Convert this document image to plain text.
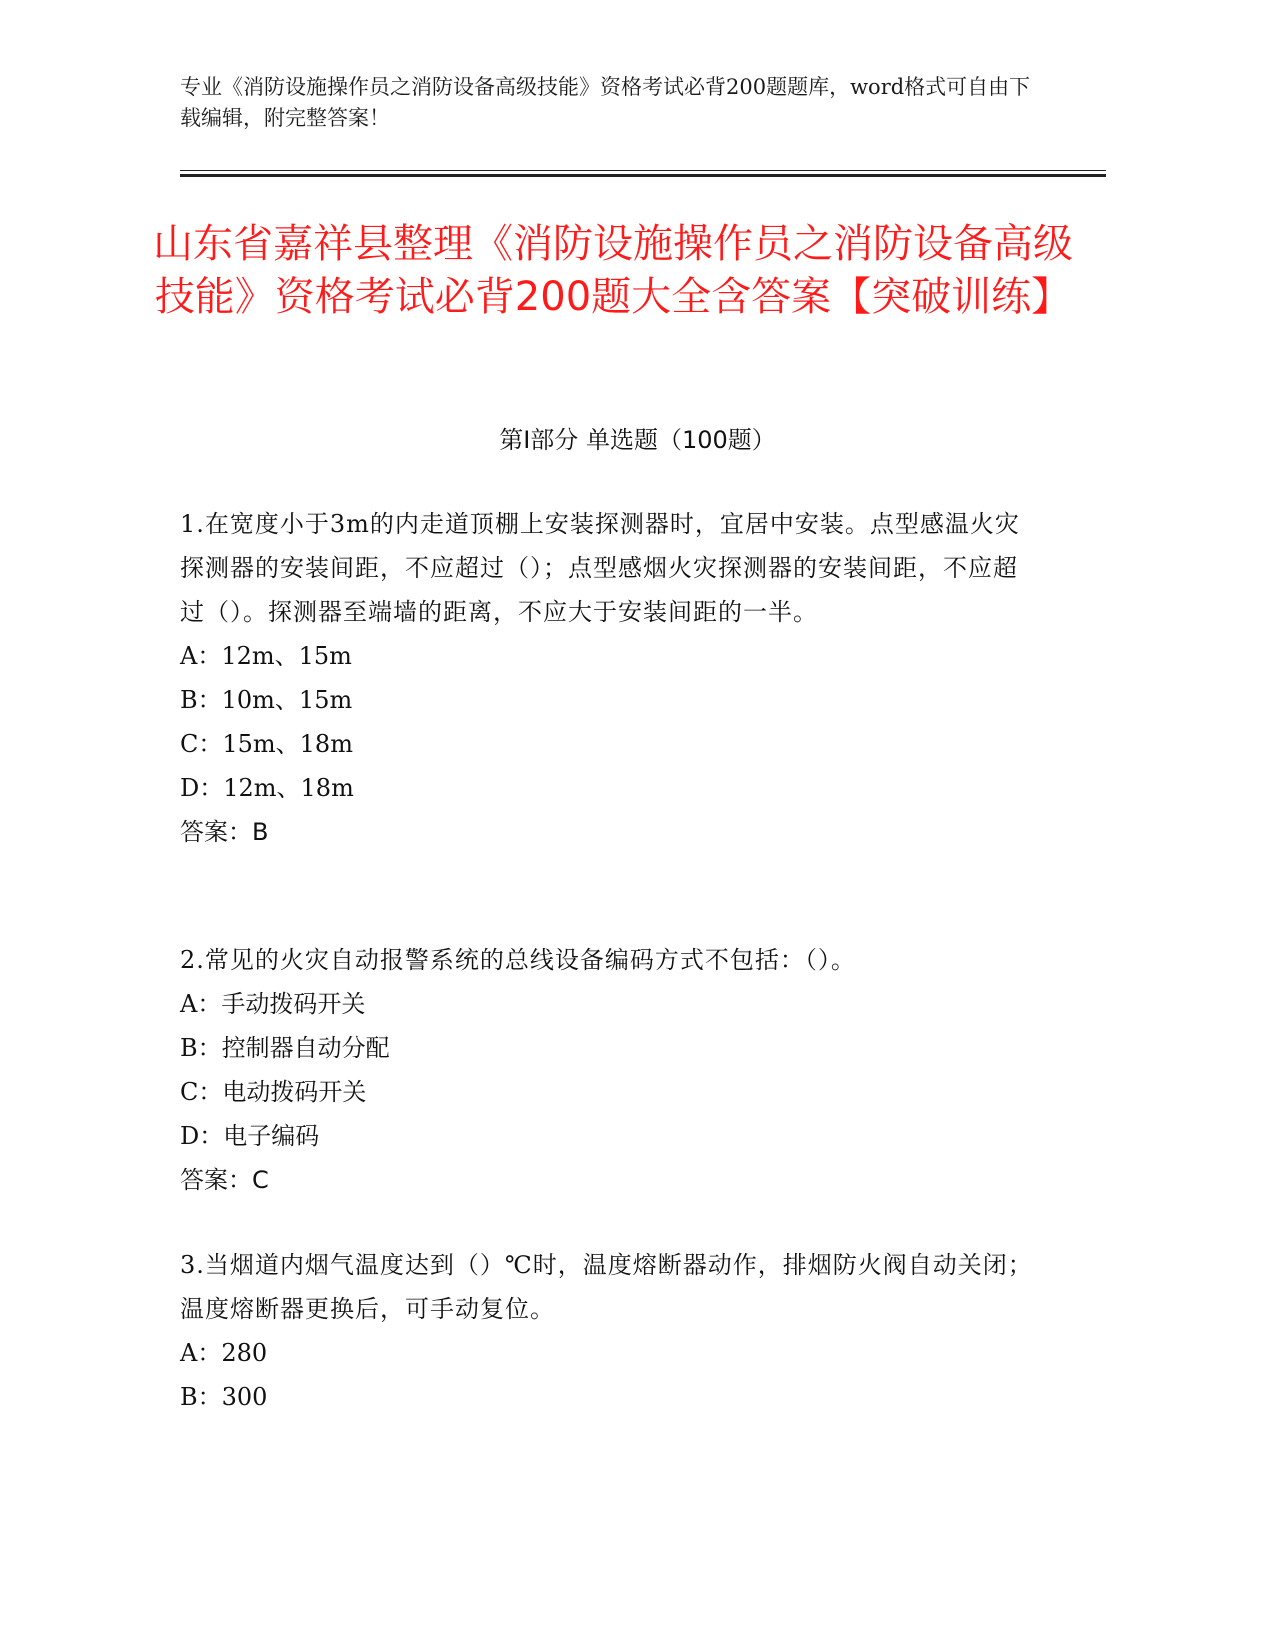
专业《消防设施操作员之消防设备高级技能》资格考试必背200题题库，word格式可自由下载编辑，附完整答案！
山东省嘉祥县整理《消防设施操作员之消防设备高级技能》资格考试必背200题大全含答案【突破训练】
第Ⅰ部分 单选题（100题）
1.在宽度小于3m的内走道顶棚上安装探测器时，宜居中安装。点型感温火灾探测器的安装间距，不应超过（）；点型感烟火灾探测器的安装间距，不应超过（）。探测器至端墙的距离，不应大于安装间距的一半。
A：12m、15m
B：10m、15m
C：15m、18m
D：12m、18m
答案：B
2.常见的火灾自动报警系统的总线设备编码方式不包括：（）。
A：手动拨码开关
B：控制器自动分配
C：电动拨码开关
D：电子编码
答案：C
3.当烟道内烟气温度达到（）℃时，温度熔断器动作，排烟防火阀自动关闭；温度熔断器更换后，可手动复位。
A：280
B：300
